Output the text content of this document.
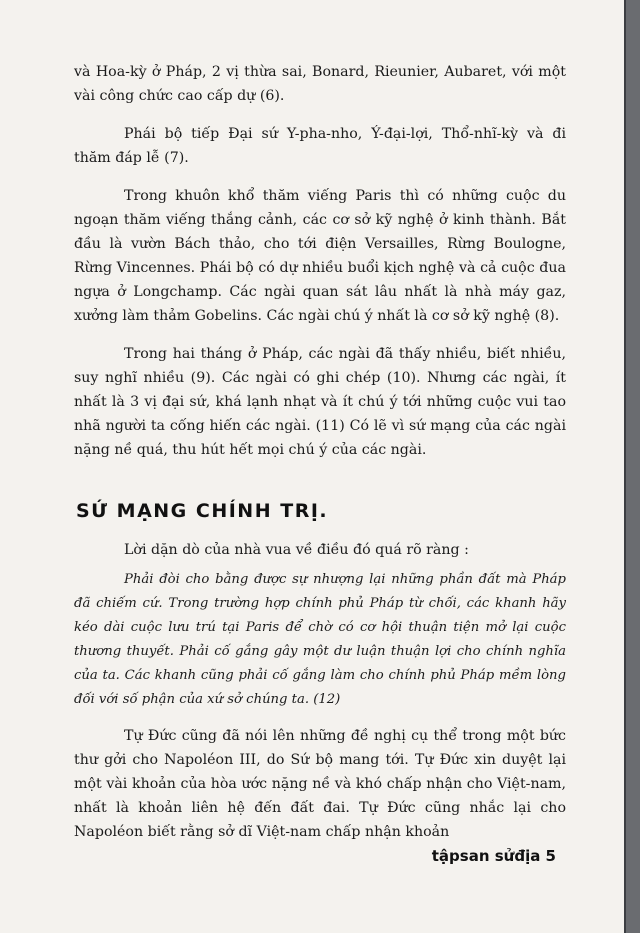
và Hoa-kỳ ở Pháp, 2 vị thừa sai, Bonard, Rieunier, Aubaret, với một vài công chức cao cấp dự (6).

Phái bộ tiếp Đại sứ Y-pha-nho, Ý-đại-lợi, Thổ-nhĩ-kỳ và đi thăm đáp lễ (7).

Trong khuôn khổ thăm viếng Paris thì có những cuộc du ngoạn thăm viếng thắng cảnh, các cơ sở kỹ nghệ ở kinh thành. Bắt đầu là vườn Bách thảo, cho tới điện Versailles, Rừng Boulogne, Rừng Vincennes. Phái bộ có dự nhiều buổi kịch nghệ và cả cuộc đua ngựa ở Longchamp. Các ngài quan sát lâu nhất là nhà máy gaz, xưởng làm thảm Gobelins. Các ngài chú ý nhất là cơ sở kỹ nghệ (8).

Trong hai tháng ở Pháp, các ngài đã thấy nhiều, biết nhiều, suy nghĩ nhiều (9). Các ngài có ghi chép (10). Nhưng các ngài, ít nhất là 3 vị đại sứ, khá lạnh nhạt và ít chú ý tới những cuộc vui tao nhã người ta cống hiến các ngài. (11) Có lẽ vì sứ mạng của các ngài nặng nề quá, thu hút hết mọi chú ý của các ngài.

SỨ MẠNG CHÍNH TRỊ.

Lời dặn dò của nhà vua về điều đó quá rõ ràng :

Phải đòi cho bằng được sự nhượng lại những phần đất mà Pháp đã chiếm cứ. Trong trường hợp chính phủ Pháp từ chối, các khanh hãy kéo dài cuộc lưu trú tại Paris để chờ có cơ hội thuận tiện mở lại cuộc thương thuyết. Phải cố gắng gây một dư luận thuận lợi cho chính nghĩa của ta. Các khanh cũng phải cố gắng làm cho chính phủ Pháp mềm lòng đối với số phận của xứ sở chúng ta. (12)

Tự Đức cũng đã nói lên những đề nghị cụ thể trong một bức thư gởi cho Napoléon III, do Sứ bộ mang tới. Tự Đức xin duyệt lại một vài khoản của hòa ước nặng nề và khó chấp nhận cho Việt-nam, nhất là khoản liên hệ đến đất đai. Tự Đức cũng nhắc lại cho Napoléon biết rằng sở dĩ Việt-nam chấp nhận khoản

tậpsan sửđịa 5
